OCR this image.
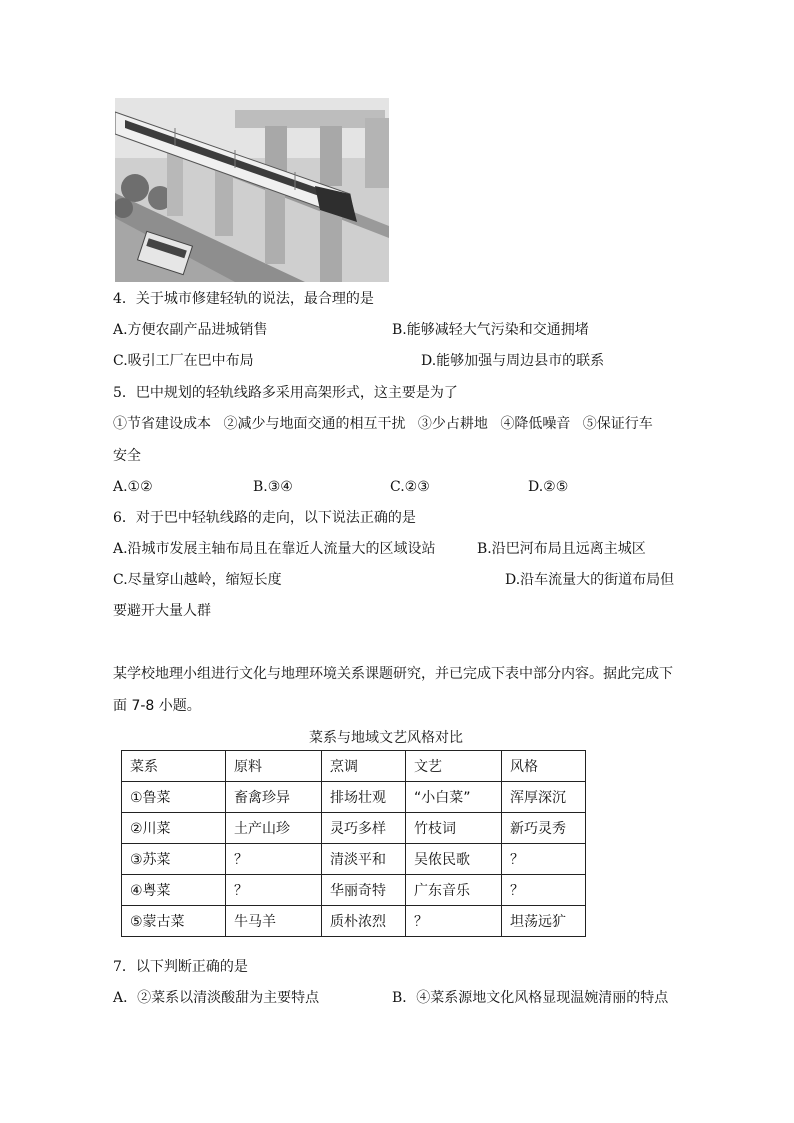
4．关于城市修建轻轨的说法，最合理的是
A.方便农副产品进城销售	B.能够减轻大气污染和交通拥堵
C.吸引工厂在巴中布局	D.能够加强与周边县市的联系
5．巴中规划的轻轨线路多采用高架形式，这主要是为了
①节省建设成本 ②减少与地面交通的相互干扰 ③少占耕地 ④降低噪音 ⑤保证行车
安全
A.①②	B.③④	C.②③	D.②⑤
6．对于巴中轻轨线路的走向，以下说法正确的是
A.沿城市发展主轴布局且在靠近人流量大的区域设站	B.沿巴河布局且远离主城区
C.尽量穿山越岭，缩短长度	D.沿车流量大的街道布局但
要避开大量人群
某学校地理小组进行文化与地理环境关系课题研究，并已完成下表中部分内容。据此完成下
面 7-8 小题。
菜系与地域文艺风格对比
菜系	原料	烹调	文艺	风格
①鲁菜	畜禽珍异	排场壮观	“小白菜”	浑厚深沉
②川菜	土产山珍	灵巧多样	竹枝词	新巧灵秀
③苏菜	？	清淡平和	吴侬民歌	？
④粤菜	？	华丽奇特	广东音乐	？
⑤蒙古菜	牛马羊	质朴浓烈	？	坦荡远犷
7．以下判断正确的是
A．②菜系以清淡酸甜为主要特点	B．④菜系源地文化风格显现温婉清丽的特点
